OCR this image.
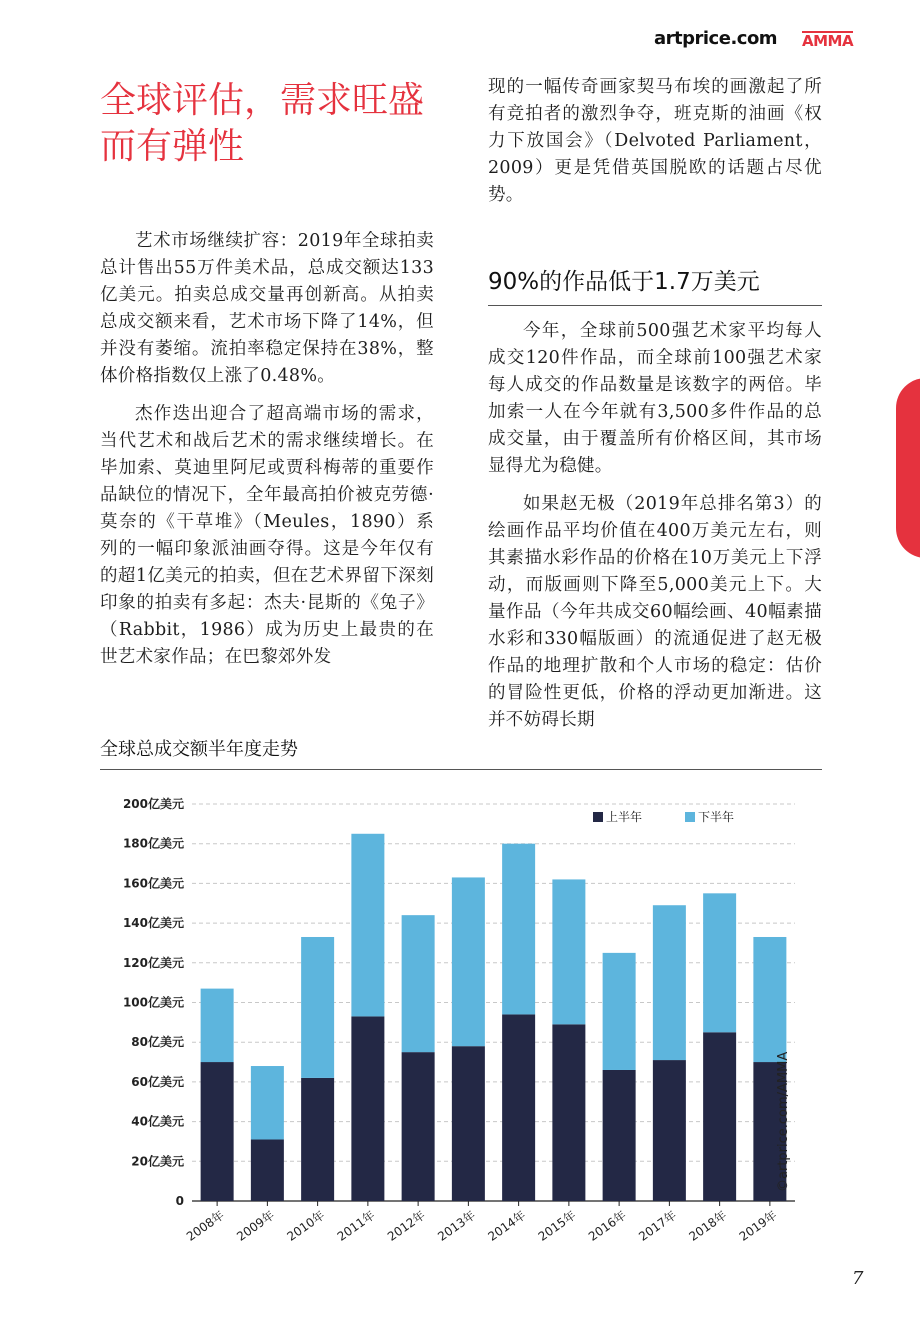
artprice.com AMMA
全球评估，需求旺盛而有弹性

艺术市场继续扩容：2019年全球拍卖总计售出55万件美术品，总成交额达133亿美元。拍卖总成交量再创新高。从拍卖总成交额来看，艺术市场下降了14%，但并没有萎缩。流拍率稳定保持在38%，整体价格指数仅上涨了0.48%。

杰作迭出迎合了超高端市场的需求，当代艺术和战后艺术的需求继续增长。在毕加索、莫迪里阿尼或贾科梅蒂的重要作品缺位的情况下，全年最高拍价被克劳德·莫奈的《干草堆》（Meules，1890）系列的一幅印象派油画夺得。这是今年仅有的超1亿美元的拍卖，但在艺术界留下深刻印象的拍卖有多起：杰夫·昆斯的《兔子》（Rabbit，1986）成为历史上最贵的在世艺术家作品；在巴黎郊外发

现的一幅传奇画家契马布埃的画激起了所有竞拍者的激烈争夺，班克斯的油画《权力下放国会》（Delvoted Parliament，2009）更是凭借英国脱欧的话题占尽优势。

90%的作品低于1.7万美元

今年，全球前500强艺术家平均每人成交120件作品，而全球前100强艺术家每人成交的作品数量是该数字的两倍。毕加索一人在今年就有3,500多件作品的总成交量，由于覆盖所有价格区间，其市场显得尤为稳健。

如果赵无极（2019年总排名第3）的绘画作品平均价值在400万美元左右，则其素描水彩作品的价格在10万美元上下浮动，而版画则下降至5,000美元上下。大量作品（今年共成交60幅绘画、40幅素描水彩和330幅版画）的流通促进了赵无极作品的地理扩散和个人市场的稳定：估价的冒险性更低，价格的浮动更加渐进。这并不妨碍长期

全球总成交额半年度走势
0
20亿美元
40亿美元
60亿美元
80亿美元
100亿美元
120亿美元
140亿美元
160亿美元
180亿美元
200亿美元
2008年 2009年 2010年 2011年 2012年 2013年 2014年 2015年 2016年 2017年 2018年 2019年
上半年	下半年
©artprice.com/AMMA
7
